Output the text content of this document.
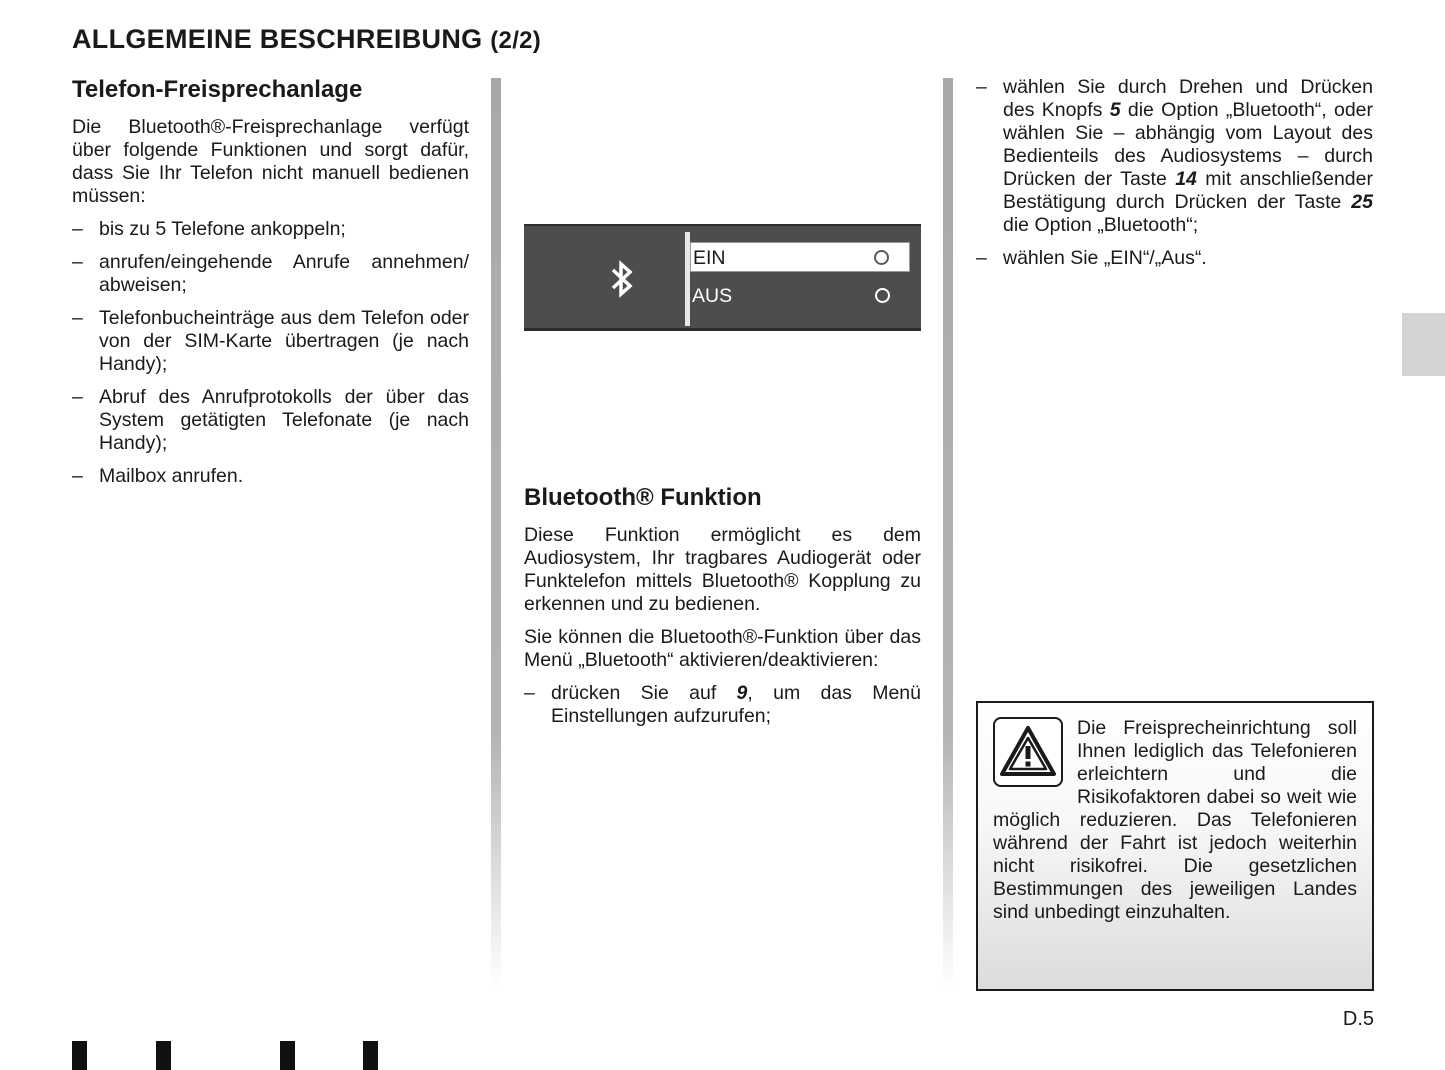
ALLGEMEINE BESCHREIBUNG (2/2)
Telefon-Freisprechanlage

Die Bluetooth®-Freisprechanlage verfügt über folgende Funktionen und sorgt dafür, dass Sie Ihr Telefon nicht manuell bedienen müssen:

– bis zu 5 Telefone ankoppeln;
– anrufen/eingehende Anrufe annehmen/ abweisen;
– Telefonbucheinträge aus dem Telefon oder von der SIM-Karte übertragen (je nach Handy);
– Abruf des Anrufprotokolls der über das System getätigten Telefonate (je nach Handy);
– Mailbox anrufen.
EIN
AUS
Bluetooth® Funktion

Diese Funktion ermöglicht es dem Audiosystem, Ihr tragbares Audiogerät oder Funktelefon mittels Bluetooth® Kopplung zu erkennen und zu bedienen.

Sie können die Bluetooth®-Funktion über das Menü „Bluetooth“ aktivieren/deaktivieren:

– drücken Sie auf 9, um das Menü Einstellungen aufzurufen;
– wählen Sie durch Drehen und Drücken des Knopfs 5 die Option „Bluetooth“, oder wählen Sie – abhängig vom Layout des Bedienteils des Audiosystems – durch Drücken der Taste 14 mit anschließender Bestätigung durch Drücken der Taste 25 die Option „Bluetooth“;
– wählen Sie „EIN“/„Aus“.
Die Freisprecheinrichtung soll Ihnen lediglich das Telefonieren erleichtern und die Risikofaktoren dabei so weit wie möglich reduzieren. Das Telefonieren während der Fahrt ist jedoch weiterhin nicht risikofrei. Die gesetzlichen Bestimmungen des jeweiligen Landes sind unbedingt einzuhalten.
D.5
